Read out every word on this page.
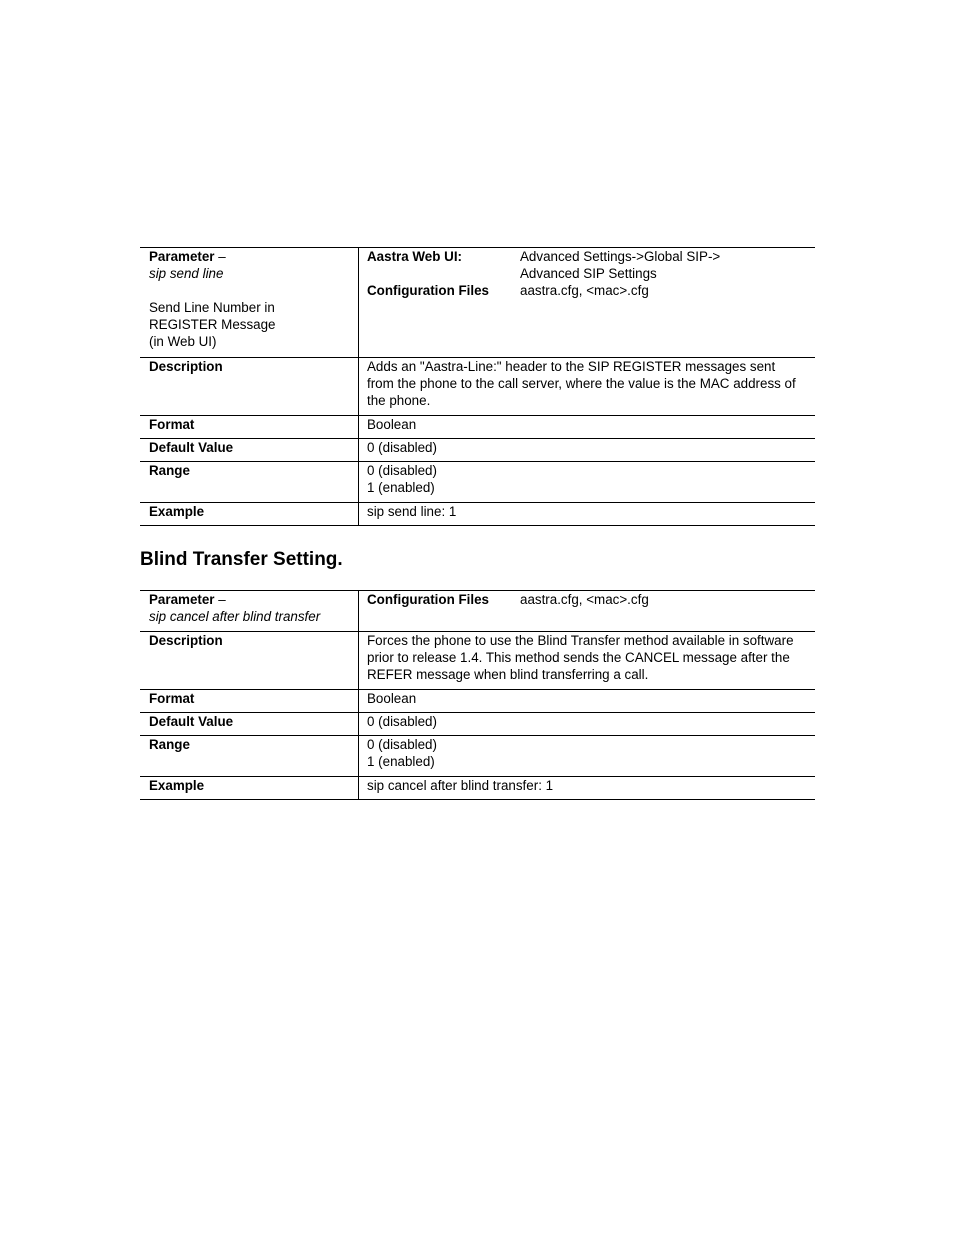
Parameter –
sip send line
Send Line Number in
REGISTER Message
(in Web UI)	Aastra Web UI: Advanced Settings->Global SIP->
Advanced SIP Settings
Configuration Files aastra.cfg, <mac>.cfg

Description	Adds an "Aastra-Line:" header to the SIP REGISTER messages sent
from the phone to the call server, where the value is the MAC address of
the phone.

Format	Boolean

Default Value	0 (disabled)

Range	0 (disabled)
1 (enabled)

Example	sip send line: 1
Blind Transfer Setting.
Parameter –
sip cancel after blind transfer	Configuration Files aastra.cfg, <mac>.cfg

Description	Forces the phone to use the Blind Transfer method available in software
prior to release 1.4. This method sends the CANCEL message after the
REFER message when blind transferring a call.

Format	Boolean

Default Value	0 (disabled)

Range	0 (disabled)
1 (enabled)

Example	sip cancel after blind transfer: 1
